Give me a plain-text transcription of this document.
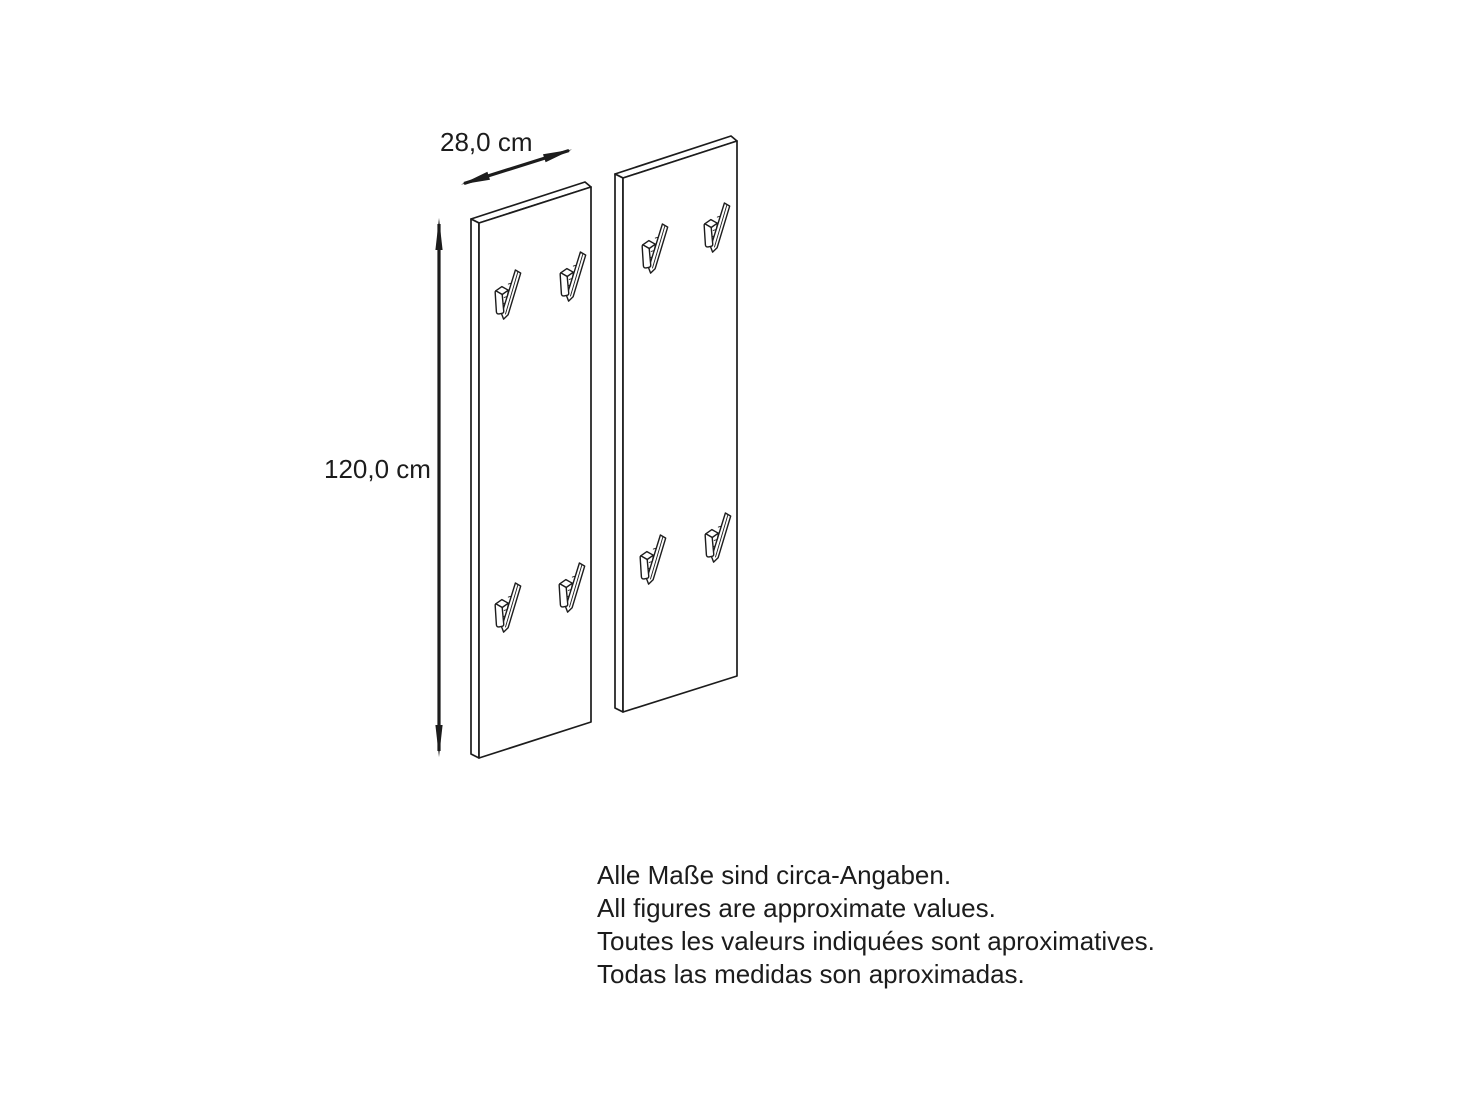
28,0 cm
120,0 cm
Alle Maße sind circa-Angaben.
All figures are approximate values.
Toutes les valeurs indiquées sont aproximatives.
Todas las medidas son aproximadas.
